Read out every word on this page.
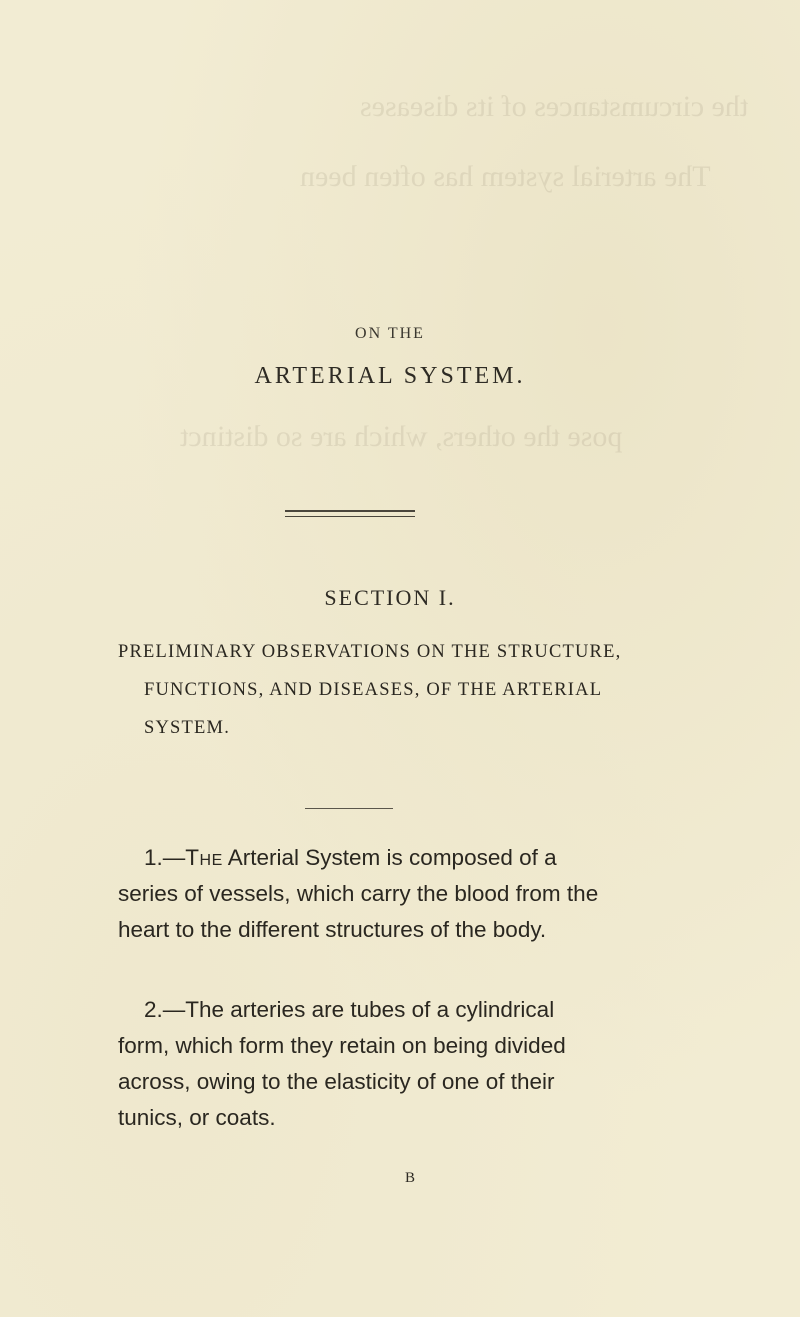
the circumstances of its diseases
The arterial system has often been
pose the others, which are so distinct
ON THE
ARTERIAL SYSTEM.
SECTION I.
PRELIMINARY OBSERVATIONS ON THE STRUCTURE,
FUNCTIONS, AND DISEASES, OF THE ARTERIAL
SYSTEM.
1.—The Arterial System is composed of a
series of vessels, which carry the blood from the
heart to the different structures of the body.
2.—The arteries are tubes of a cylindrical
form, which form they retain on being divided
across, owing to the elasticity of one of their
tunics, or coats.
B
